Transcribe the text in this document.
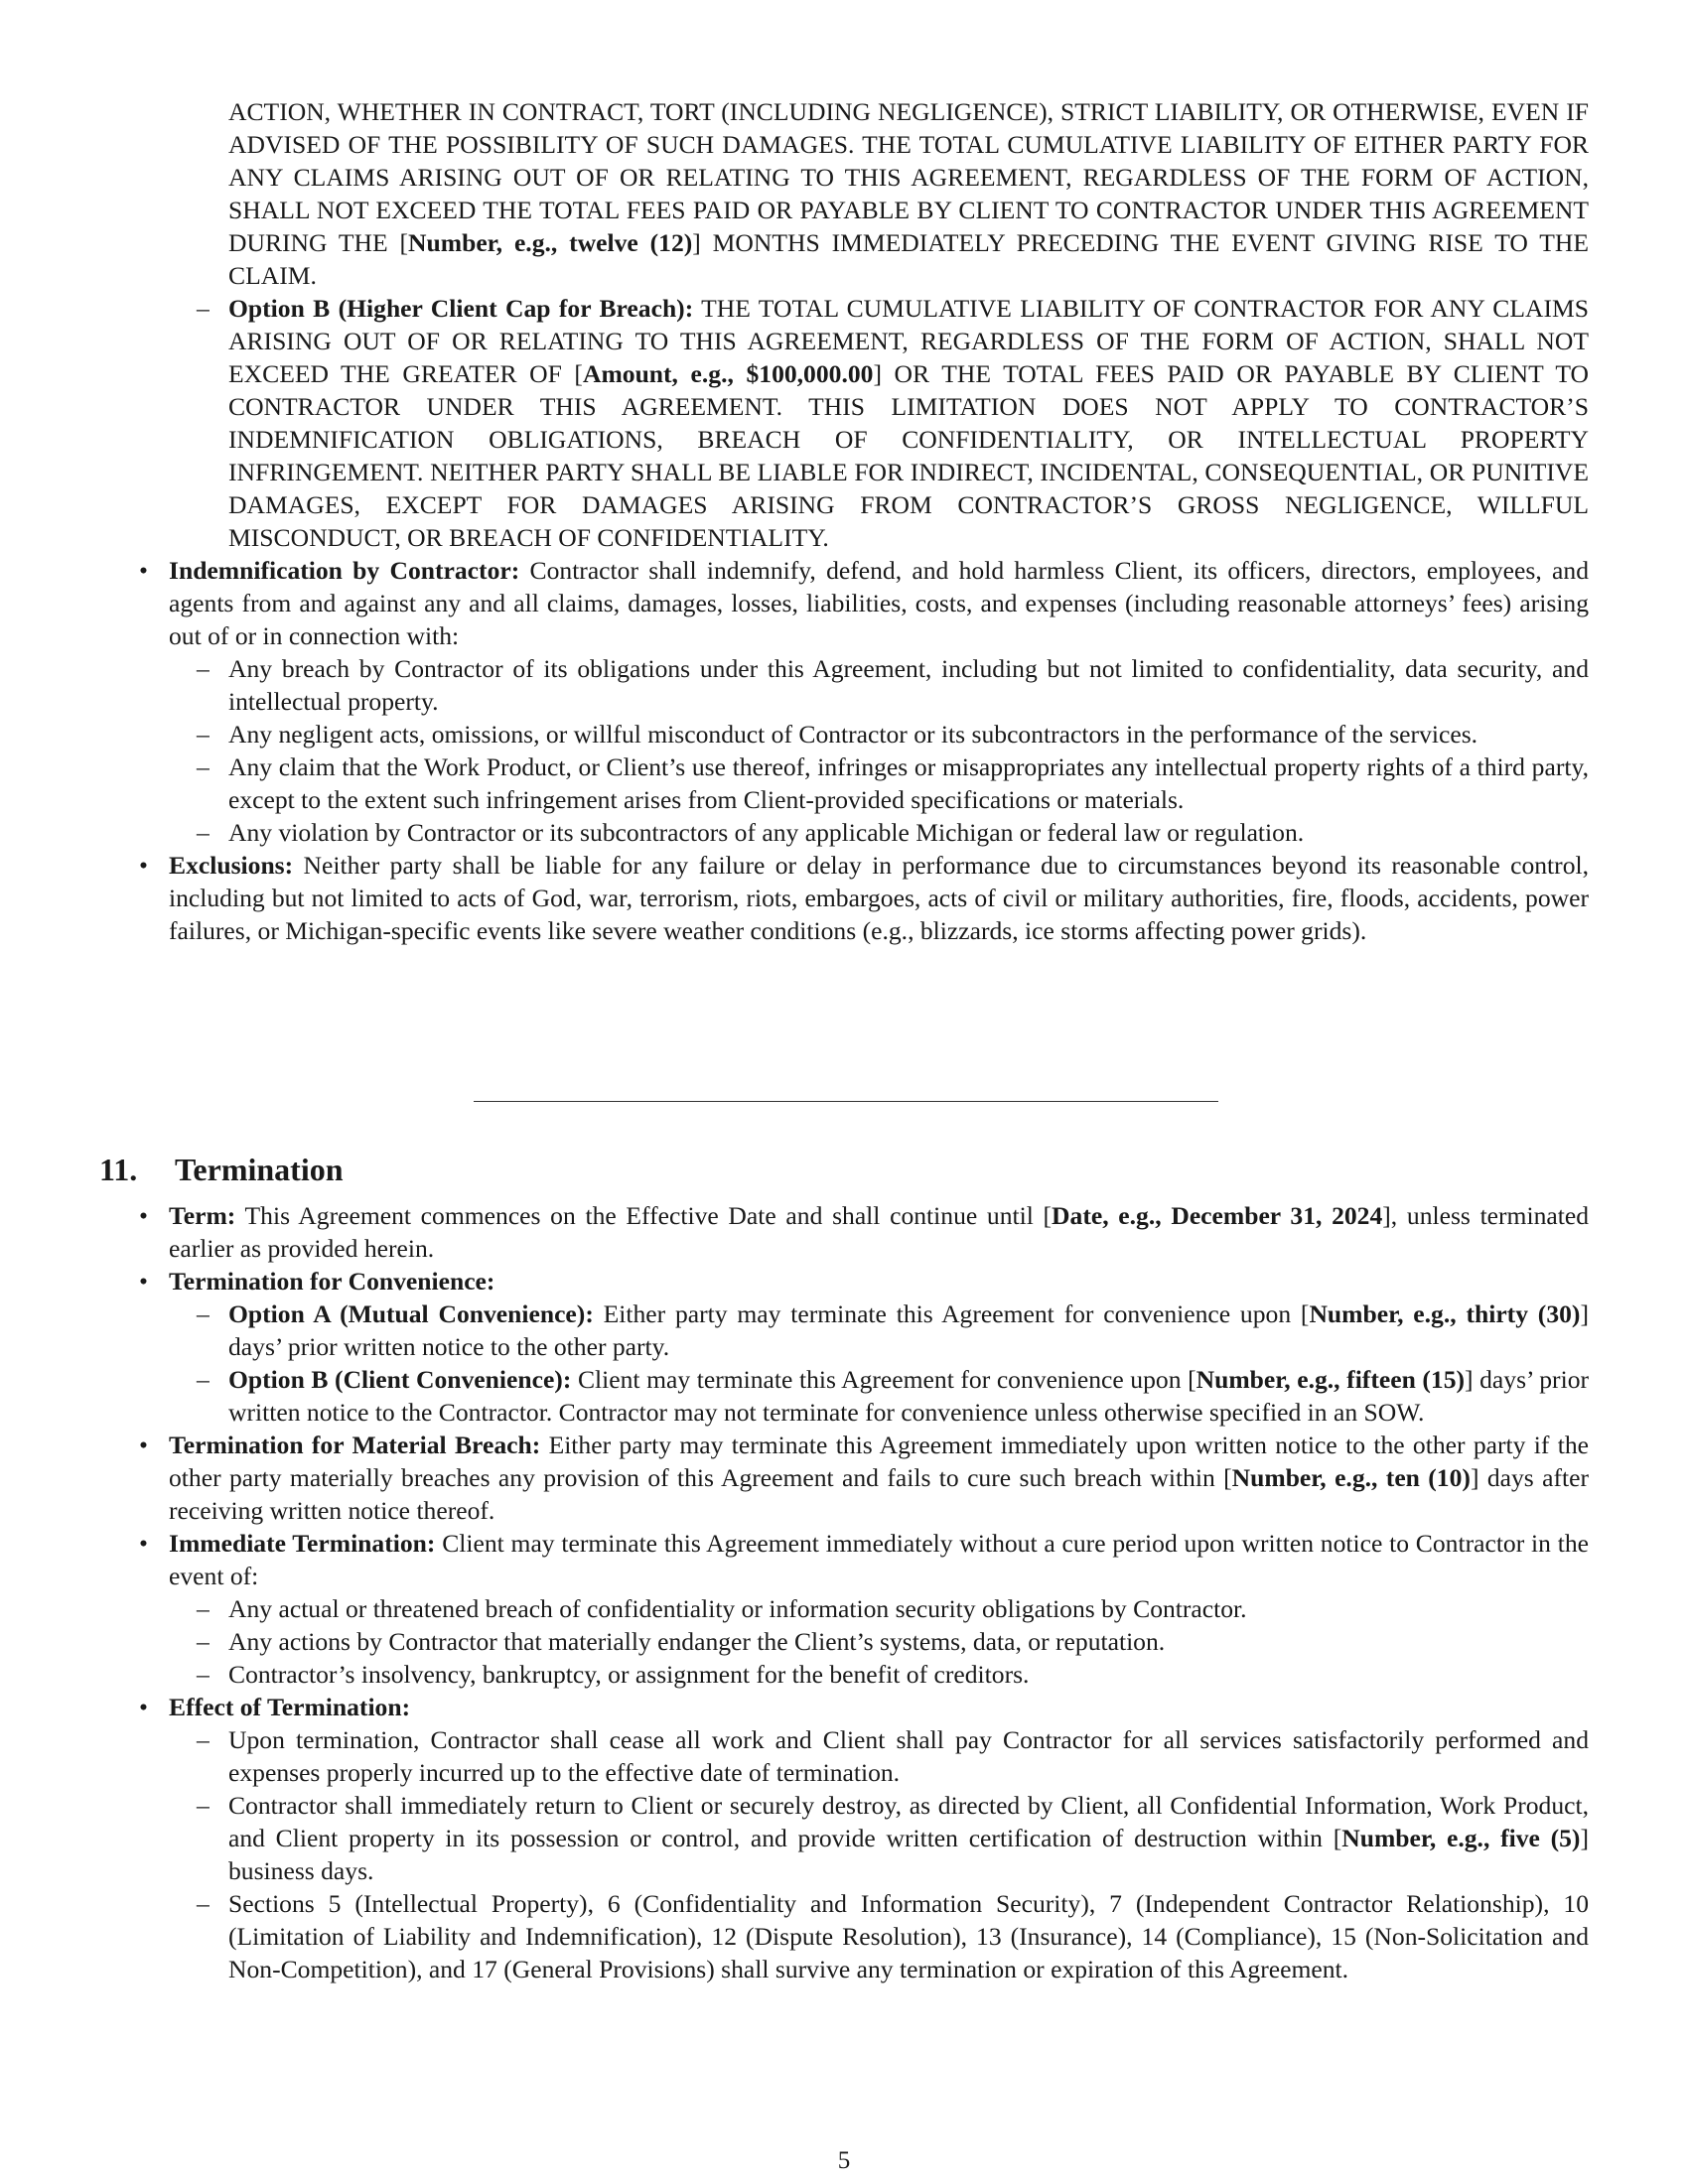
ACTION, WHETHER IN CONTRACT, TORT (INCLUDING NEGLIGENCE), STRICT LIABILITY, OR OTHERWISE, EVEN IF ADVISED OF THE POSSIBILITY OF SUCH DAMAGES. THE TOTAL CUMULATIVE LIABILITY OF EITHER PARTY FOR ANY CLAIMS ARISING OUT OF OR RELATING TO THIS AGREEMENT, REGARDLESS OF THE FORM OF ACTION, SHALL NOT EXCEED THE TOTAL FEES PAID OR PAYABLE BY CLIENT TO CONTRACTOR UNDER THIS AGREEMENT DURING THE [Number, e.g., twelve (12)] MONTHS IMMEDIATELY PRECEDING THE EVENT GIVING RISE TO THE CLAIM.

– Option B (Higher Client Cap for Breach): THE TOTAL CUMULATIVE LIABILITY OF CONTRACTOR FOR ANY CLAIMS ARISING OUT OF OR RELATING TO THIS AGREEMENT, REGARDLESS OF THE FORM OF ACTION, SHALL NOT EXCEED THE GREATER OF [Amount, e.g., $100,000.00] OR THE TOTAL FEES PAID OR PAYABLE BY CLIENT TO CONTRACTOR UNDER THIS AGREEMENT. THIS LIMITATION DOES NOT APPLY TO CONTRACTOR’S INDEMNIFICATION OBLIGATIONS, BREACH OF CONFIDENTIALITY, OR INTELLECTUAL PROPERTY INFRINGEMENT. NEITHER PARTY SHALL BE LIABLE FOR INDIRECT, INCIDENTAL, CONSEQUENTIAL, OR PUNITIVE DAMAGES, EXCEPT FOR DAMAGES ARISING FROM CONTRACTOR’S GROSS NEGLIGENCE, WILLFUL MISCONDUCT, OR BREACH OF CONFIDENTIALITY.

• Indemnification by Contractor: Contractor shall indemnify, defend, and hold harmless Client, its officers, directors, employees, and agents from and against any and all claims, damages, losses, liabilities, costs, and expenses (including reasonable attorneys’ fees) arising out of or in connection with:

– Any breach by Contractor of its obligations under this Agreement, including but not limited to confidentiality, data security, and intellectual property.

– Any negligent acts, omissions, or willful misconduct of Contractor or its subcontractors in the performance of the services.

– Any claim that the Work Product, or Client’s use thereof, infringes or misappropriates any intellectual property rights of a third party, except to the extent such infringement arises from Client-provided specifications or materials.

– Any violation by Contractor or its subcontractors of any applicable Michigan or federal law or regulation.

• Exclusions: Neither party shall be liable for any failure or delay in performance due to circumstances beyond its reasonable control, including but not limited to acts of God, war, terrorism, riots, embargoes, acts of civil or military authorities, fire, floods, accidents, power failures, or Michigan-specific events like severe weather conditions (e.g., blizzards, ice storms affecting power grids).

11. Termination

• Term: This Agreement commences on the Effective Date and shall continue until [Date, e.g., December 31, 2024], unless terminated earlier as provided herein.

• Termination for Convenience:

– Option A (Mutual Convenience): Either party may terminate this Agreement for convenience upon [Number, e.g., thirty (30)] days’ prior written notice to the other party.

– Option B (Client Convenience): Client may terminate this Agreement for convenience upon [Number, e.g., fifteen (15)] days’ prior written notice to the Contractor. Contractor may not terminate for convenience unless otherwise specified in an SOW.

• Termination for Material Breach: Either party may terminate this Agreement immediately upon written notice to the other party if the other party materially breaches any provision of this Agreement and fails to cure such breach within [Number, e.g., ten (10)] days after receiving written notice thereof.

• Immediate Termination: Client may terminate this Agreement immediately without a cure period upon written notice to Contractor in the event of:

– Any actual or threatened breach of confidentiality or information security obligations by Contractor.

– Any actions by Contractor that materially endanger the Client’s systems, data, or reputation.

– Contractor’s insolvency, bankruptcy, or assignment for the benefit of creditors.

• Effect of Termination:

– Upon termination, Contractor shall cease all work and Client shall pay Contractor for all services satisfactorily performed and expenses properly incurred up to the effective date of termination.

– Contractor shall immediately return to Client or securely destroy, as directed by Client, all Confidential Information, Work Product, and Client property in its possession or control, and provide written certification of destruction within [Number, e.g., five (5)] business days.

– Sections 5 (Intellectual Property), 6 (Confidentiality and Information Security), 7 (Independent Contractor Relationship), 10 (Limitation of Liability and Indemnification), 12 (Dispute Resolution), 13 (Insurance), 14 (Compliance), 15 (Non-Solicitation and Non-Competition), and 17 (General Provisions) shall survive any termination or expiration of this Agreement.

5
